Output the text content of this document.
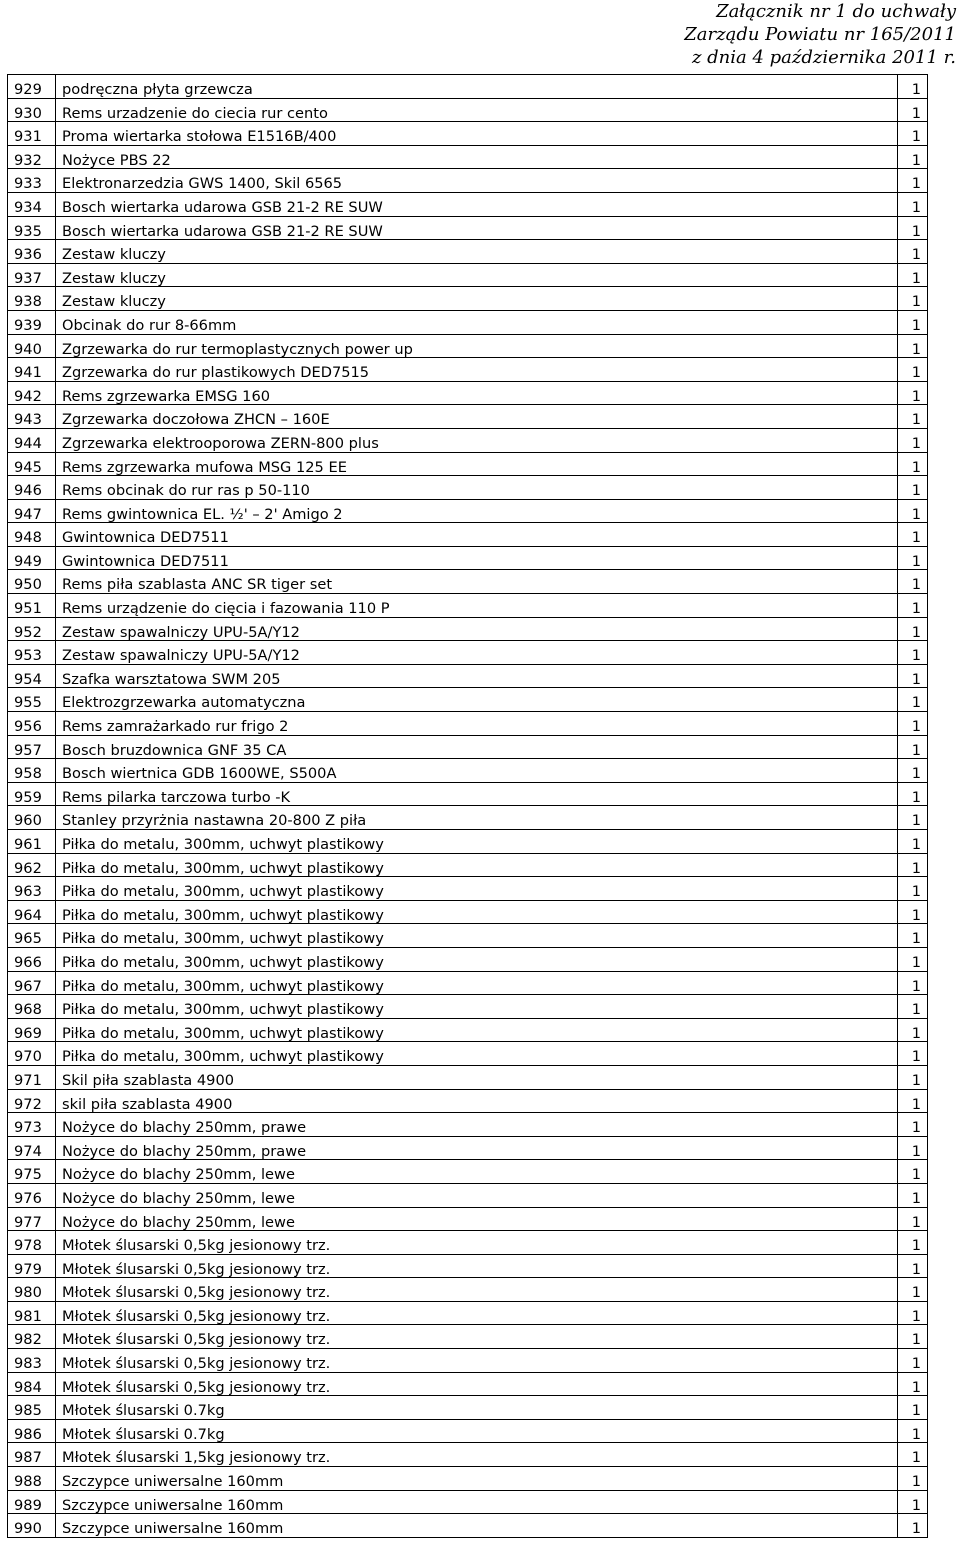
Załącznik nr 1 do uchwały
Zarządu Powiatu nr 165/2011
z dnia 4 października 2011 r.
929	podręczna płyta grzewcza	1
930	Rems urzadzenie do ciecia rur cento	1
931	Proma wiertarka stołowa E1516B/400	1
932	Nożyce PBS 22	1
933	Elektronarzedzia GWS 1400, Skil 6565	1
934	Bosch wiertarka udarowa GSB 21-2 RE SUW	1
935	Bosch wiertarka udarowa GSB 21-2 RE SUW	1
936	Zestaw kluczy	1
937	Zestaw kluczy	1
938	Zestaw kluczy	1
939	Obcinak do rur 8-66mm	1
940	Zgrzewarka do rur termoplastycznych power up	1
941	Zgrzewarka do rur plastikowych DED7515	1
942	Rems zgrzewarka EMSG 160	1
943	Zgrzewarka doczołowa ZHCN – 160E	1
944	Zgrzewarka elektrooporowa ZERN-800 plus	1
945	Rems zgrzewarka mufowa MSG 125 EE	1
946	Rems obcinak do rur ras p 50-110	1
947	Rems gwintownica EL. ½' – 2' Amigo 2	1
948	Gwintownica DED7511	1
949	Gwintownica DED7511	1
950	Rems piła szablasta ANC SR tiger set	1
951	Rems urządzenie do cięcia i fazowania 110 P	1
952	Zestaw spawalniczy UPU-5A/Y12	1
953	Zestaw spawalniczy UPU-5A/Y12	1
954	Szafka warsztatowa SWM 205	1
955	Elektrozgrzewarka automatyczna	1
956	Rems zamrażarkado rur frigo 2	1
957	Bosch bruzdownica GNF 35 CA	1
958	Bosch wiertnica GDB 1600WE, S500A	1
959	Rems pilarka tarczowa turbo -K	1
960	Stanley przyrżnia nastawna 20-800 Z piła	1
961	Piłka do metalu, 300mm, uchwyt plastikowy	1
962	Piłka do metalu, 300mm, uchwyt plastikowy	1
963	Piłka do metalu, 300mm, uchwyt plastikowy	1
964	Piłka do metalu, 300mm, uchwyt plastikowy	1
965	Piłka do metalu, 300mm, uchwyt plastikowy	1
966	Piłka do metalu, 300mm, uchwyt plastikowy	1
967	Piłka do metalu, 300mm, uchwyt plastikowy	1
968	Piłka do metalu, 300mm, uchwyt plastikowy	1
969	Piłka do metalu, 300mm, uchwyt plastikowy	1
970	Piłka do metalu, 300mm, uchwyt plastikowy	1
971	Skil piła szablasta 4900	1
972	skil piła szablasta 4900	1
973	Nożyce do blachy 250mm, prawe	1
974	Nożyce do blachy 250mm, prawe	1
975	Nożyce do blachy 250mm, lewe	1
976	Nożyce do blachy 250mm, lewe	1
977	Nożyce do blachy 250mm, lewe	1
978	Młotek ślusarski 0,5kg jesionowy trz.	1
979	Młotek ślusarski 0,5kg jesionowy trz.	1
980	Młotek ślusarski 0,5kg jesionowy trz.	1
981	Młotek ślusarski 0,5kg jesionowy trz.	1
982	Młotek ślusarski 0,5kg jesionowy trz.	1
983	Młotek ślusarski 0,5kg jesionowy trz.	1
984	Młotek ślusarski 0,5kg jesionowy trz.	1
985	Młotek ślusarski 0.7kg	1
986	Młotek ślusarski 0.7kg	1
987	Młotek ślusarski 1,5kg jesionowy trz.	1
988	Szczypce uniwersalne 160mm	1
989	Szczypce uniwersalne 160mm	1
990	Szczypce uniwersalne 160mm	1
